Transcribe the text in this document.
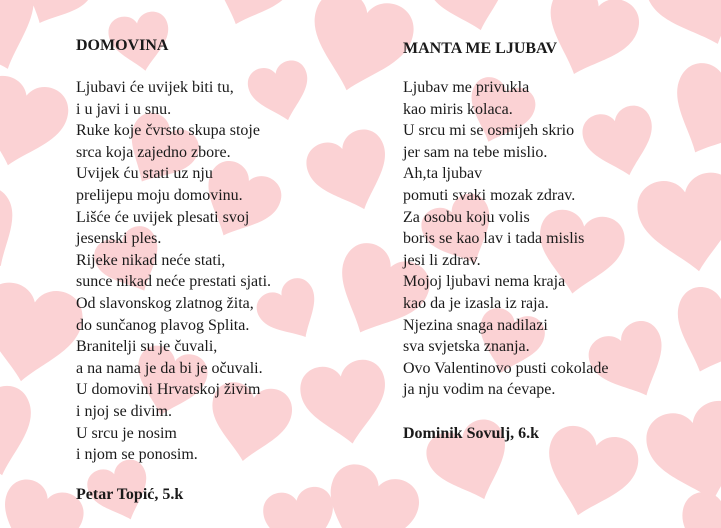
DOMOVINA
Ljubavi će uvijek biti tu,
i u javi i u snu.
Ruke koje čvrsto skupa stoje
srca koja zajedno zbore.
Uvijek ću stati uz nju
prelijepu moju domovinu.
Lišće će uvijek plesati svoj
jesenski ples.
Rijeke nikad neće stati,
sunce nikad neće prestati sjati.
Od slavonskog zlatnog žita,
do sunčanog plavog Splita.
Branitelji su je čuvali,
a na nama je da bi je očuvali.
U domovini Hrvatskoj živim
i njoj se divim.
U srcu je nosim
i njom se ponosim.

Petar Topić, 5.k

MANTA ME LJUBAV
Ljubav me privukla
kao miris kolaca.
U srcu mi se osmijeh skrio
jer sam na tebe mislio.
Ah,ta ljubav
pomuti svaki mozak zdrav.
Za osobu koju volis
boris se kao lav i tada mislis
jesi li zdrav.
Mojoj ljubavi nema kraja
kao da je izasla iz raja.
Njezina snaga nadilazi
sva svjetska znanja.
Ovo Valentinovo pusti cokolade
ja nju vodim na ćevape.

Dominik Sovulj, 6.k
